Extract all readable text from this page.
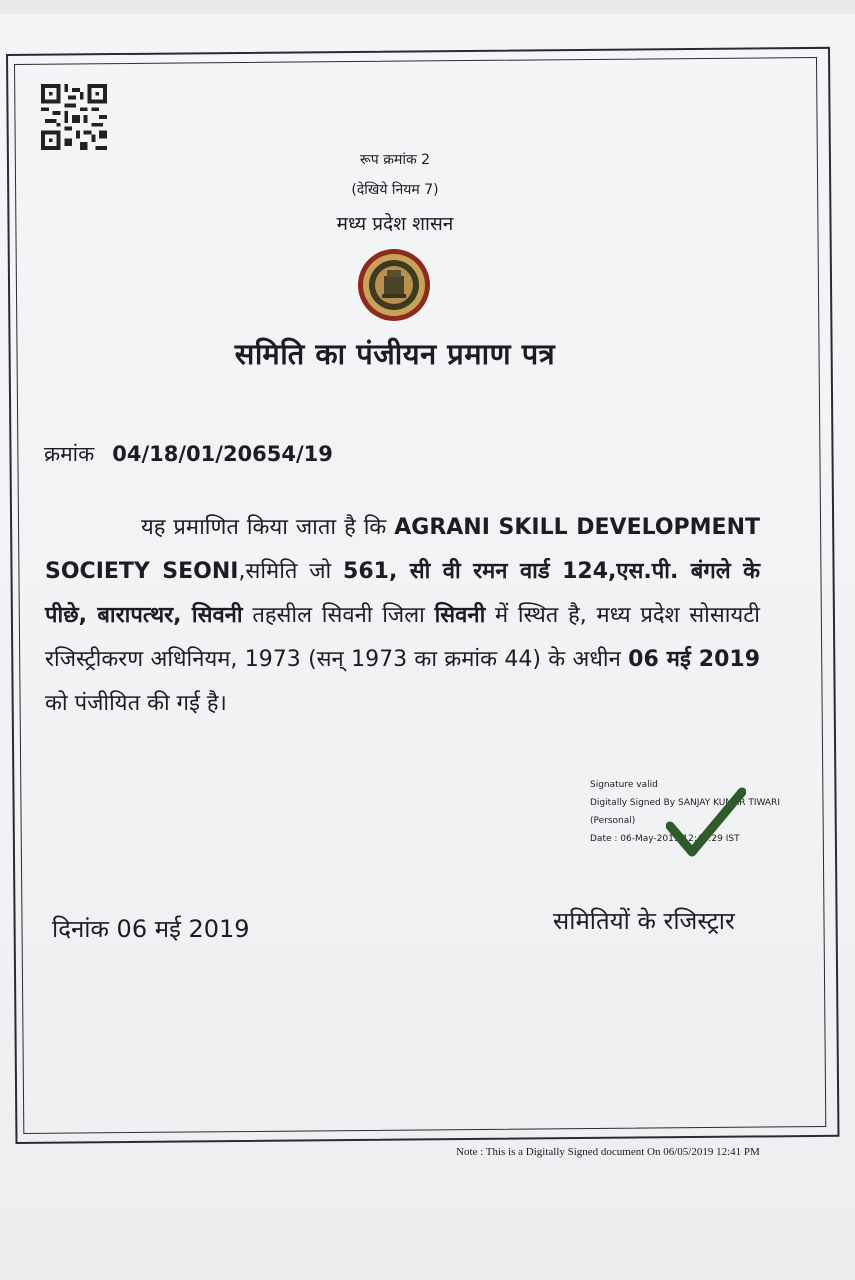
रूप क्रमांक 2
(देखिये नियम 7)
मध्य प्रदेश शासन
समिति का पंजीयन प्रमाण पत्र
क्रमांक 04/18/01/20654/19
यह प्रमाणित किया जाता है कि AGRANI SKILL DEVELOPMENT SOCIETY SEONI,समिति जो 561, सी वी रमन वार्ड 124,एस.पी. बंगले के पीछे, बारापत्थर, सिवनी तहसील सिवनी जिला सिवनी में स्थित है, मध्य प्रदेश सोसायटी रजिस्ट्रीकरण अधिनियम, 1973 (सन् 1973 का क्रमांक 44) के अधीन 06 मई 2019 को पंजीयित की गई है।
Signature valid
Digitally Signed By SANJAY KUMAR TIWARI
(Personal)
Date : 06-May-2019 12:41:29 IST
दिनांक 06 मई 2019	समितियों के रजिस्ट्रार
Note : This is a Digitally Signed document On 06/05/2019 12:41 PM
